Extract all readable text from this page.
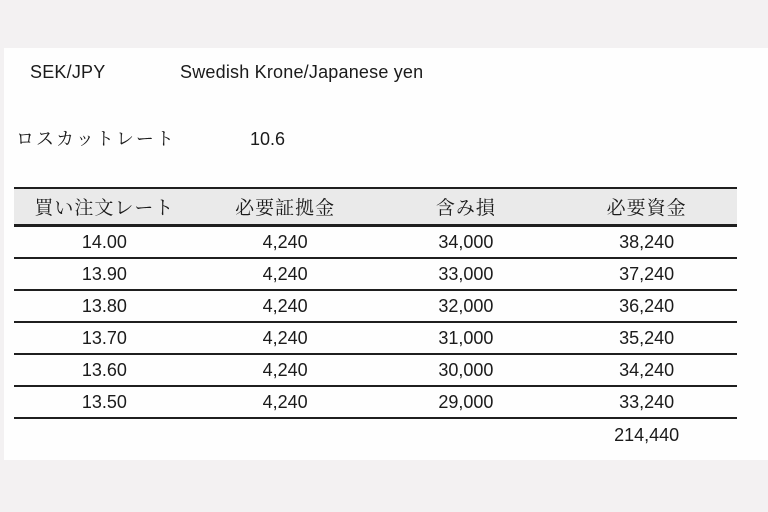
SEK/JPY	Swedish Krone/Japanese yen
ロスカットレート	10.6
買い注文レート	必要証拠金	含み損	必要資金
14.00	4,240	34,000	38,240
13.90	4,240	33,000	37,240
13.80	4,240	32,000	36,240
13.70	4,240	31,000	35,240
13.60	4,240	30,000	34,240
13.50	4,240	29,000	33,240
			214,440
